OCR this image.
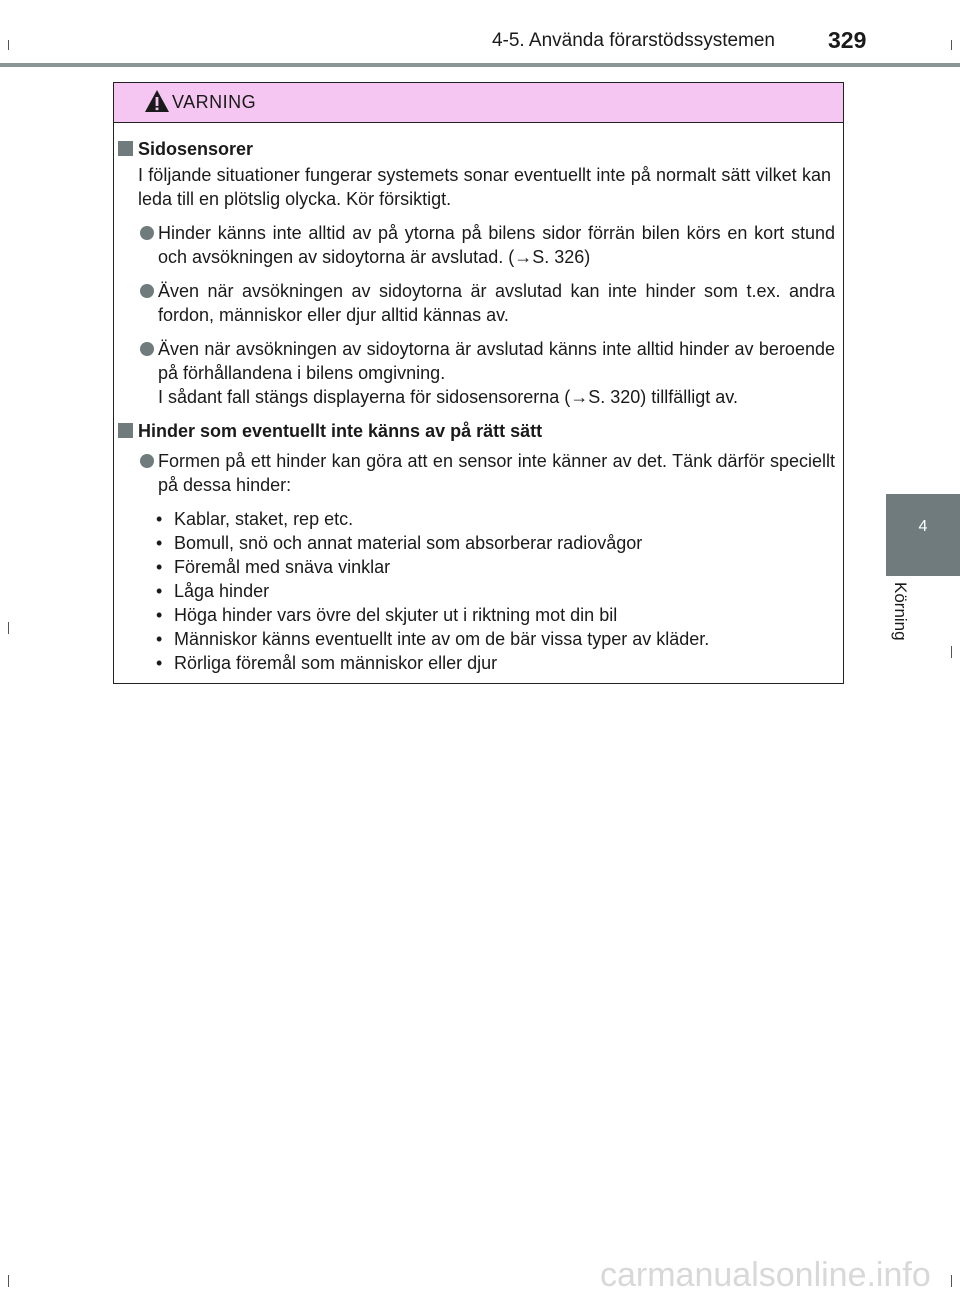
4-5. Använda förarstödssystemen 329
4
Körning
VARNING
Sidosensorer
I följande situationer fungerar systemets sonar eventuellt inte på normalt sätt vilket kan leda till en plötslig olycka. Kör försiktigt.
Hinder känns inte alltid av på ytorna på bilens sidor förrän bilen körs en kort stund och avsökningen av sidoytorna är avslutad. (→S. 326)
Även när avsökningen av sidoytorna är avslutad kan inte hinder som t.ex. andra fordon, människor eller djur alltid kännas av.
Även när avsökningen av sidoytorna är avslutad känns inte alltid hinder av beroende på förhållandena i bilens omgivning.
I sådant fall stängs displayerna för sidosensorerna (→S. 320) tillfälligt av.
Hinder som eventuellt inte känns av på rätt sätt
Formen på ett hinder kan göra att en sensor inte känner av det. Tänk därför speciellt på dessa hinder:
• Kablar, staket, rep etc.
• Bomull, snö och annat material som absorberar radiovågor
• Föremål med snäva vinklar
• Låga hinder
• Höga hinder vars övre del skjuter ut i riktning mot din bil
• Människor känns eventuellt inte av om de bär vissa typer av kläder.
• Rörliga föremål som människor eller djur
carmanualsonline.info
